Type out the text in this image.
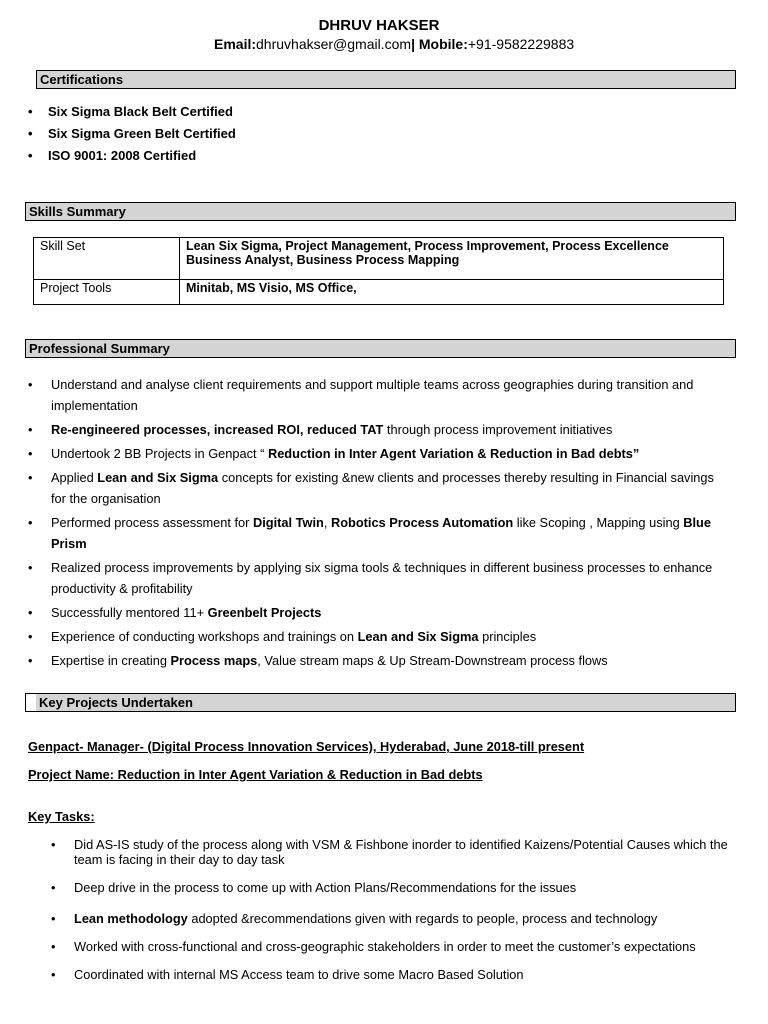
DHRUV HAKSER
Email:dhruvhakser@gmail.com| Mobile:+91-9582229883
Certifications
• Six Sigma Black Belt Certified
• Six Sigma Green Belt Certified
• ISO 9001: 2008 Certified
Skills Summary
Skill Set	Lean Six Sigma, Project Management, Process Improvement, Process Excellence Business Analyst, Business Process Mapping
Project Tools	Minitab, MS Visio, MS Office,
Professional Summary
• Understand and analyse client requirements and support multiple teams across geographies during transition and implementation
• Re-engineered processes, increased ROI, reduced TAT through process improvement initiatives
• Undertook 2 BB Projects in Genpact “ Reduction in Inter Agent Variation & Reduction in Bad debts”
• Applied Lean and Six Sigma concepts for existing &new clients and processes thereby resulting in Financial savings for the organisation
• Performed process assessment for Digital Twin, Robotics Process Automation like Scoping , Mapping using Blue Prism
• Realized process improvements by applying six sigma tools & techniques in different business processes to enhance productivity & profitability
• Successfully mentored 11+ Greenbelt Projects
• Experience of conducting workshops and trainings on Lean and Six Sigma principles
• Expertise in creating Process maps, Value stream maps & Up Stream-Downstream process flows
Key Projects Undertaken
Genpact- Manager- (Digital Process Innovation Services), Hyderabad, June 2018-till present
Project Name: Reduction in Inter Agent Variation & Reduction in Bad debts
Key Tasks:
• Did AS-IS study of the process along with VSM & Fishbone inorder to identified Kaizens/Potential Causes which the team is facing in their day to day task
• Deep drive in the process to come up with Action Plans/Recommendations for the issues
• Lean methodology adopted &recommendations given with regards to people, process and technology
• Worked with cross-functional and cross-geographic stakeholders in order to meet the customer’s expectations
• Coordinated with internal MS Access team to drive some Macro Based Solution
